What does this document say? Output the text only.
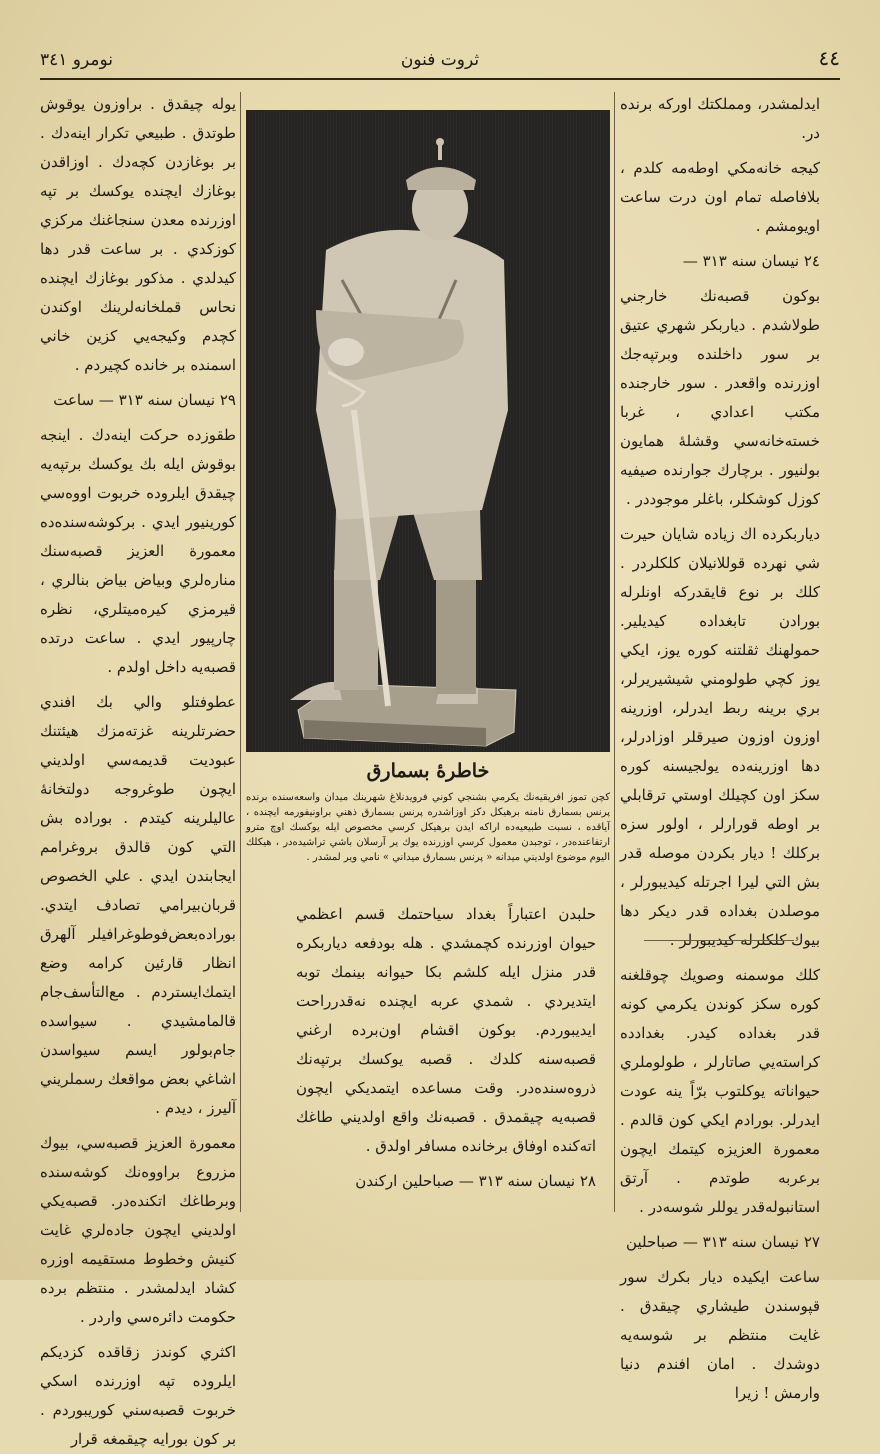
نومرو ٣٤١	ثروت فنون	٤٤

ايدلمشدر، ومملكتك اوركه برنده در.

كيجه خانه‌مكي اوطه‌مه كلدم ، بلافاصله تمام اون درت ساعت اويومشم .

٢٤ نيسان سنه ٣١٣ —

بوكون قصبه‌نك خارجني طولاشدم . دياربكر شهري عتيق بر سور داخلنده وبرتپه‌جك اوزرنده واقعدر . سور خارجنده مكتب اعدادي ، غربا خسته‌خانه‌سي وقشلهٔ همايون بولنيور . برچارك جوارنده صيفيه كوزل كوشكلر، باغلر موجوددر .

دياربكرده اك زياده شايان حيرت شي نهرده قوللانيلان كلكلردر . كلك بر نوع قايقدركه اونلرله بورادن تابغداده كيديلير. حمولهنك ثقلتنه كوره يوز، ايكي يوز كچي طولومني شيشيريرلر، بري برينه ربط ايدرلر، اوزرينه اوزون اوزون صيرقلر اوزادرلر، دها اوزرينه‌ده يولجيسنه كوره سكز اون كچيلك اوستي ترقابلي بر اوطه قورارلر ، اولور سزه بركلك ! ديار بكردن موصله قدر بش التي ليرا اجرتله كيديبورلر ، موصلدن بغداده قدر ديكر دها بيوك كلكلرله كيديبورلر .

كلك موسمنه وصويك چوقلغنه كوره سكز كوندن يكرمي كونه قدر بغداده كيدر. بغدادده كراسته‌يي صاتارلر ، طولوملري حيواناته يوكلتوب برّاً ينه عودت ايدرلر. بورادم ايكي كون قالدم . معمورة العزيزه كيتمك ايچون برعربه طوتدم . آرتق استانبوله‌قدر يوللر شوسه‌در .

٢٧ نيسان سنه ٣١٣ — صباحلين

ساعت ايكيده ديار بكرك سور قپوسندن طيشاري چيقدق . غايت منتظم بر شوسه‌يه دوشدك . امان افندم دنيا وارمش ! زيرا

يوله چيقدق . براوزون يوقوش طوتدق . طبيعي تكرار اينه‌دك . بر بوغازدن كچه‌دك . اوزاقدن بوغازك ايچنده يوكسك بر تپه اوزرنده معدن سنجاغنك مركزي كوزكدي . بر ساعت قدر دها كيدلدي . مذكور بوغازك ايچنده نحاس قملخانه‌لرينك اوكندن كچدم وكيجه‌يي كزين خاني اسمنده بر خانده كچيردم .

٢٩ نيسان سنه ٣١٣ — ساعت

طقوزده حركت اينه‌دك . اينجه بوقوش ايله بك يوكسك برتپه‌يه چيقدق ايلروده خربوت اووه‌سي كورينيور ايدي . بركوشه‌سنده‌ده معمورة العزيز قصبه‌سنك مناره‌لري وبياض بياض بنالري ، قيرمزي كيره‌ميتلري، نظره چارپيور ايدي . ساعت درتده قصبه‌يه داخل اولدم .

عطوفتلو والي بك افندي حضرتلرينه غزته‌مزك هيئتنك عبوديت قديمه‌سي اولديني ايچون طوغروجه دولتخانهٔ عاليلرينه كيتدم . بوراده بش التي كون قالدق بروغرامم ايجابندن ايدي . علي الخصوص قربان‌بيرامي تصادف ايتدي. بوراده‌بعض‌فوطوغرافيلر آلهرق انظار قارئين كرامه وضع ايتمك‌ايستردم . مع‌التأسف‌جام قالمامشيدي . سيواسده جام‌بولور ايسم سيواسدن اشاغي بعض مواقعك رسملريني آليرز ، ديدم .

معمورة العزيز قصبه‌سي، بيوك مزروع براووه‌نك كوشه‌سنده وبرطاغك اتكنده‌در. قصبه‌يكي اولديني ايچون جاده‌لري غايت كنيش وخطوط مستقيمه اوزره كشاد ايدلمشدر . منتظم برده حكومت دائره‌سي واردر .

اكثري كوندز زقاقده كزديكم ايلروده تپه اوزرنده اسكي خربوت قصبه‌سني كوريبوردم . بر كون بورايه چيقمغه قرار

حلبدن اعتباراً بغداد سياحتمك قسم اعظمي حيوان اوزرنده كچمشدي . هله بودفعه دياربكره قدر منزل ايله كلشم بكا حيوانه بينمك توبه ايتديردي . شمدي عربه ايچنده نه‌قدرراحت ايديبوردم. بوكون اقشام اون‌برده ارغني قصبه‌سنه كلدك . قصبه يوكسك برتپه‌نك ذروه‌سنده‌در. وقت مساعده ايتمديكي ايچون قصبه‌يه چيقمدق . قصبه‌نك واقع اولديني طاغك اته‌كنده اوفاق برخانده مسافر اولدق .

٢٨ نيسان سنه ٣١٣ — صباحلين اركندن

خاطرهٔ بسمارق
كچن تموز افريقيه‌نك يكرمي بشنجي كوني فرويدنلاغ شهرينك ميدان واسعه‌سنده برنده پرنس بسمارق نامنه برهيكل دكز اوزاشدره پرنس بسمارق ذهني براونيفورمه ايچنده ، آياقده ، نسبت طبيعيه‌ده اراكه ايدن برهيكل كرسي مخصوص ايله يوكسك اوچ مترو ارتفاعنده‌در ، توجبدن معمول كرسي اوزرنده يوك ير آرسلان باشي تراشيده‌در ، هيكلك اليوم موضوع اولديني ميدانه « پرنس بسمارق ميداني » نامي وير لمشدر .
